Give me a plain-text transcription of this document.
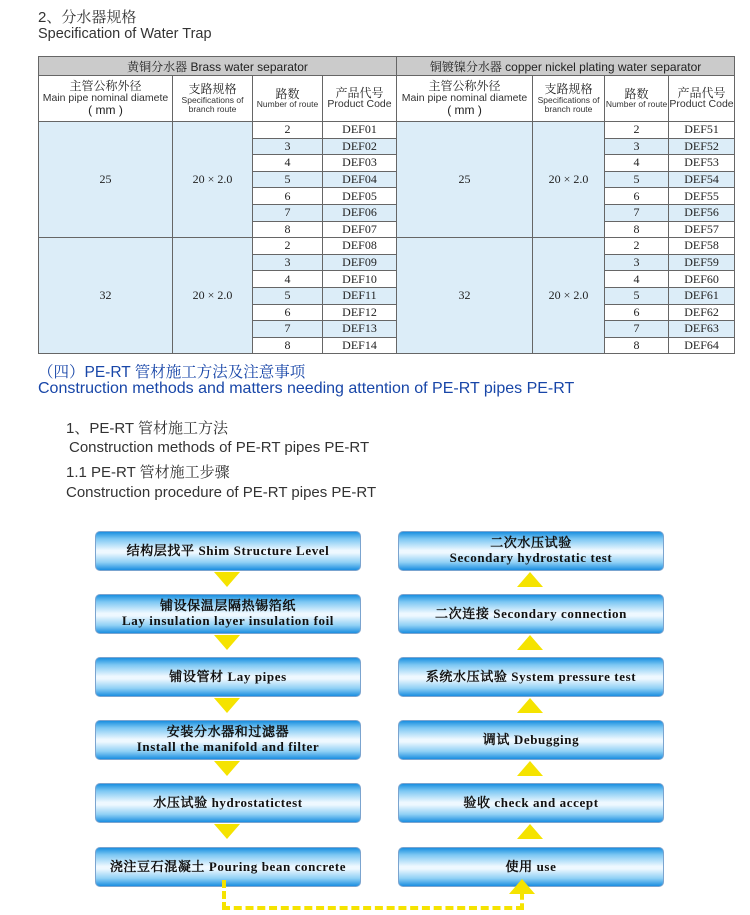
2、分水器规格
Specification of Water Trap
黄铜分水器 Brass water separator				铜镀镍分水器 copper nickel plating water separator			

主管公称外径
Main pipe nominal diamete
( mm )	支路规格
Specifications of
branch route	路数
Number of route	产品代号
Product Code	主管公称外径
Main pipe nominal diamete
( mm )	支路规格
Specifications of
branch route	路数
Number of route	产品代号
Product Code

25	20 × 2.0	2	DEF01	25	20 × 2.0	2	DEF51
		3	DEF02			3	DEF52
		4	DEF03			4	DEF53
		5	DEF04			5	DEF54
		6	DEF05			6	DEF55
		7	DEF06			7	DEF56
		8	DEF07			8	DEF57
32	20 × 2.0	2	DEF08	32	20 × 2.0	2	DEF58
		3	DEF09			3	DEF59
		4	DEF10			4	DEF60
		5	DEF11			5	DEF61
		6	DEF12			6	DEF62
		7	DEF13			7	DEF63
		8	DEF14			8	DEF64
（四）PE-RT 管材施工方法及注意事项
Construction methods and matters needing attention of PE-RT pipes PE-RT
1、PE-RT 管材施工方法
Construction methods of PE-RT pipes PE-RT
1.1 PE-RT 管材施工步骤
Construction procedure of PE-RT pipes PE-RT
结构层找平 Shim Structure Level
铺设保温层隔热锡箔纸
Lay insulation layer insulation foil
铺设管材 Lay pipes
安装分水器和过滤器
Install the manifold and filter
水压试验 hydrostatictest
浇注豆石混凝土 Pouring bean concrete
二次水压试验
Secondary hydrostatic test
二次连接 Secondary connection
系统水压试验 System pressure test
调试 Debugging
验收 check and accept
使用 use
